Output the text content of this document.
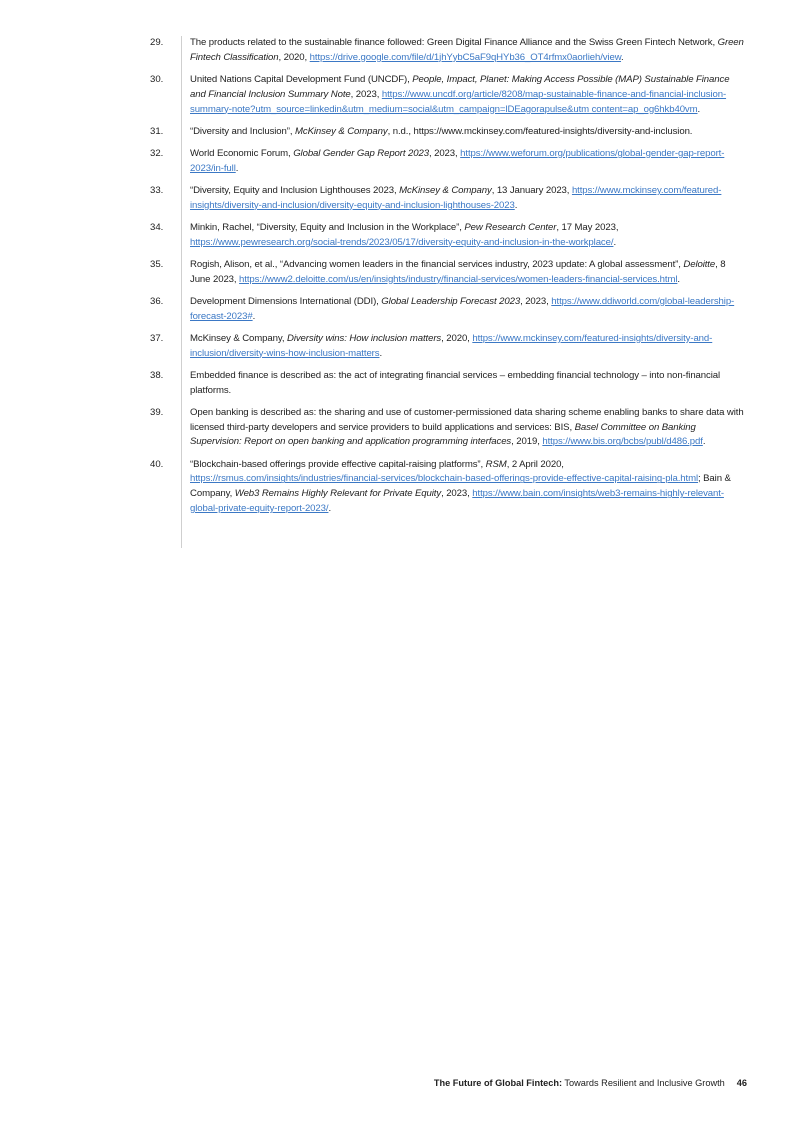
29.	The products related to the sustainable finance followed: Green Digital Finance Alliance and the Swiss Green Fintech Network, Green Fintech Classification, 2020, https://drive.google.com/file/d/1jhYybC5aF9qHYb36_OT4rfmx0aorlieh/view.
30.	United Nations Capital Development Fund (UNCDF), People, Impact, Planet: Making Access Possible (MAP) Sustainable Finance and Financial Inclusion Summary Note, 2023, https://www.uncdf.org/article/8208/map-sustainable-finance-and-financial-inclusion-summary-note?utm_source=linkedin&utm_medium=social&utm_campaign=lDEagorapulse&utm content=ap_og6hkb40vm.
31.	“Diversity and Inclusion”, McKinsey & Company, n.d., https://www.mckinsey.com/featured-insights/diversity-and-inclusion.
32.	World Economic Forum, Global Gender Gap Report 2023, 2023, https://www.weforum.org/publications/global-gender-gap-report-2023/in-full.
33.	“Diversity, Equity and Inclusion Lighthouses 2023, McKinsey & Company, 13 January 2023, https://www.mckinsey.com/featured-insights/diversity-and-inclusion/diversity-equity-and-inclusion-lighthouses-2023.
34.	Minkin, Rachel, “Diversity, Equity and Inclusion in the Workplace”, Pew Research Center, 17 May 2023, https://www.pewresearch.org/social-trends/2023/05/17/diversity-equity-and-inclusion-in-the-workplace/.
35.	Rogish, Alison, et al., “Advancing women leaders in the financial services industry, 2023 update: A global assessment”, Deloitte, 8 June 2023, https://www2.deloitte.com/us/en/insights/industry/financial-services/women-leaders-financial-services.html.
36.	Development Dimensions International (DDI), Global Leadership Forecast 2023, 2023, https://www.ddiworld.com/global-leadership-forecast-2023#.
37.	McKinsey & Company, Diversity wins: How inclusion matters, 2020, https://www.mckinsey.com/featured-insights/diversity-and-inclusion/diversity-wins-how-inclusion-matters.
38.	Embedded finance is described as: the act of integrating financial services – embedding financial technology – into non-financial platforms.
39.	Open banking is described as: the sharing and use of customer-permissioned data sharing scheme enabling banks to share data with licensed third-party developers and service providers to build applications and services: BIS, Basel Committee on Banking Supervision: Report on open banking and application programming interfaces, 2019, https://www.bis.org/bcbs/publ/d486.pdf.
40.	“Blockchain-based offerings provide effective capital-raising platforms”, RSM, 2 April 2020, https://rsmus.com/insights/industries/financial-services/blockchain-based-offerings-provide-effective-capital-raising-pla.html; Bain & Company, Web3 Remains Highly Relevant for Private Equity, 2023, https://www.bain.com/insights/web3-remains-highly-relevant-global-private-equity-report-2023/.
The Future of Global Fintech: Towards Resilient and Inclusive Growth 46
